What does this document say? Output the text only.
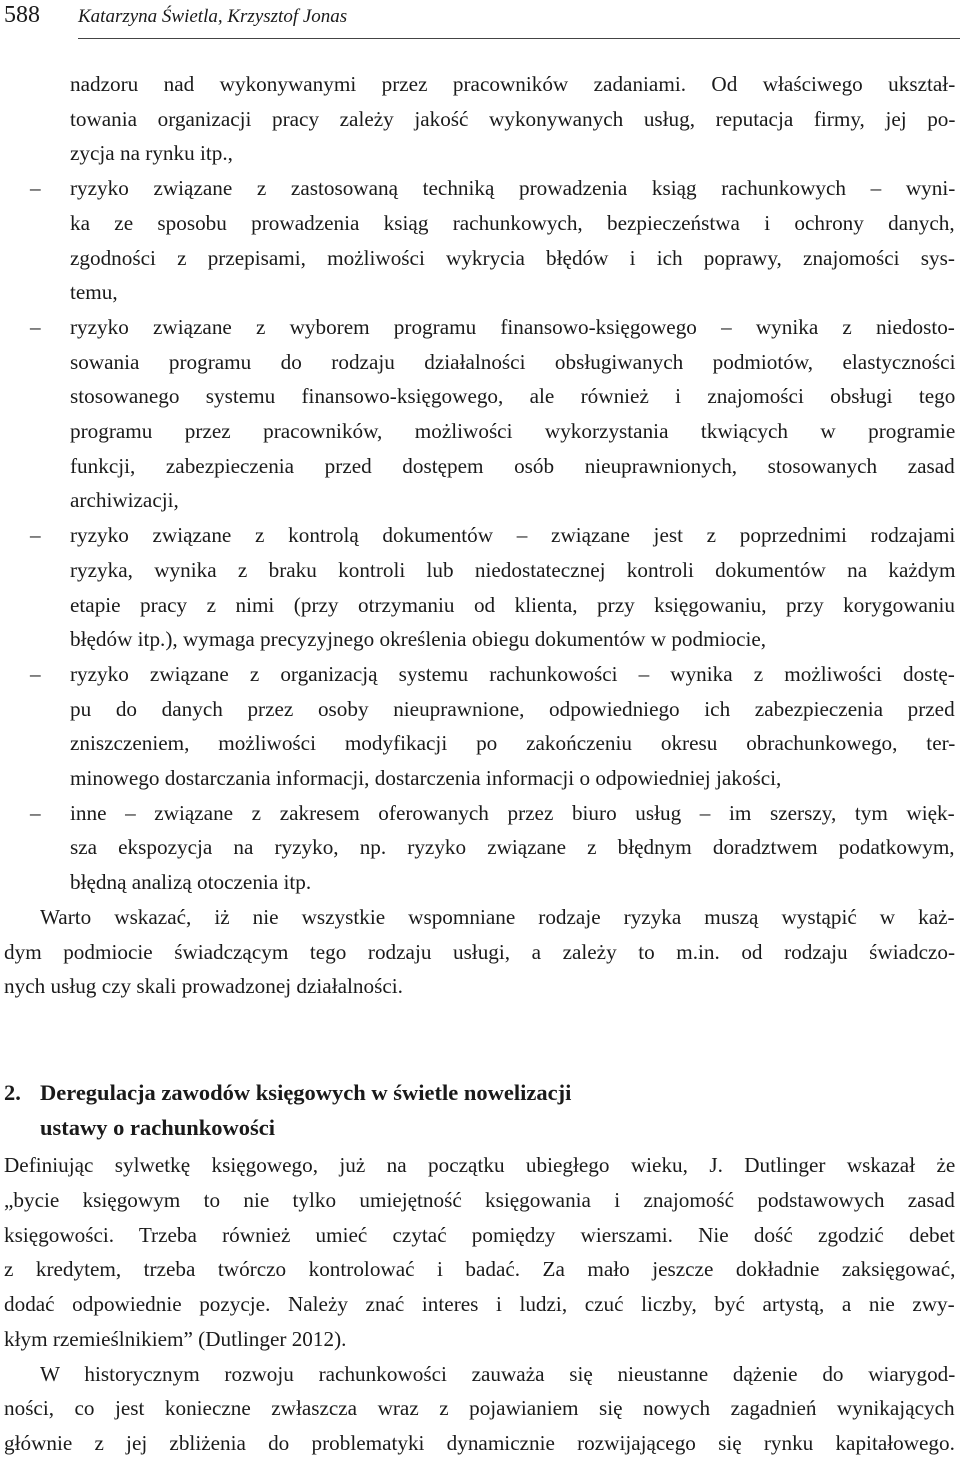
588 Katarzyna Świetla, Krzysztof Jonas
nadzoru nad wykonywanymi przez pracowników zadaniami. Od właściwego ukształ-
towania organizacji pracy zależy jakość wykonywanych usług, reputacja firmy, jej po-
zycja na rynku itp.,
– ryzyko związane z zastosowaną techniką prowadzenia ksiąg rachunkowych – wyni-
ka ze sposobu prowadzenia ksiąg rachunkowych, bezpieczeństwa i ochrony danych,
zgodności z przepisami, możliwości wykrycia błędów i ich poprawy, znajomości sys-
temu,
– ryzyko związane z wyborem programu finansowo-księgowego – wynika z niedosto-
sowania programu do rodzaju działalności obsługiwanych podmiotów, elastyczności
stosowanego systemu finansowo-księgowego, ale również i znajomości obsługi tego
programu przez pracowników, możliwości wykorzystania tkwiących w programie
funkcji, zabezpieczenia przed dostępem osób nieuprawnionych, stosowanych zasad
archiwizacji,
– ryzyko związane z kontrolą dokumentów – związane jest z poprzednimi rodzajami
ryzyka, wynika z braku kontroli lub niedostatecznej kontroli dokumentów na każdym
etapie pracy z nimi (przy otrzymaniu od klienta, przy księgowaniu, przy korygowaniu
błędów itp.), wymaga precyzyjnego określenia obiegu dokumentów w podmiocie,
– ryzyko związane z organizacją systemu rachunkowości – wynika z możliwości dostę-
pu do danych przez osoby nieuprawnione, odpowiedniego ich zabezpieczenia przed
zniszczeniem, możliwości modyfikacji po zakończeniu okresu obrachunkowego, ter-
minowego dostarczania informacji, dostarczenia informacji o odpowiedniej jakości,
– inne – związane z zakresem oferowanych przez biuro usług – im szerszy, tym więk-
sza ekspozycja na ryzyko, np. ryzyko związane z błędnym doradztwem podatkowym,
błędną analizą otoczenia itp.
Warto wskazać, iż nie wszystkie wspomniane rodzaje ryzyka muszą wystąpić w każ-
dym podmiocie świadczącym tego rodzaju usługi, a zależy to m.in. od rodzaju świadczo-
nych usług czy skali prowadzonej działalności.
2. Deregulacja zawodów księgowych w świetle nowelizacji
ustawy o rachunkowości
Definiując sylwetkę księgowego, już na początku ubiegłego wieku, J. Dutlinger wskazał że
„bycie księgowym to nie tylko umiejętność księgowania i znajomość podstawowych zasad
księgowości. Trzeba również umieć czytać pomiędzy wierszami. Nie dość zgodzić debet
z kredytem, trzeba twórczo kontrolować i badać. Za mało jeszcze dokładnie zaksięgować,
dodać odpowiednie pozycje. Należy znać interes i ludzi, czuć liczby, być artystą, a nie zwy-
kłym rzemieślnikiem” (Dutlinger 2012).
W historycznym rozwoju rachunkowości zauważa się nieustanne dążenie do wiarygod-
ności, co jest konieczne zwłaszcza wraz z pojawianiem się nowych zagadnień wynikających
głównie z jej zbliżenia do problematyki dynamicznie rozwijającego się rynku kapitałowego.
